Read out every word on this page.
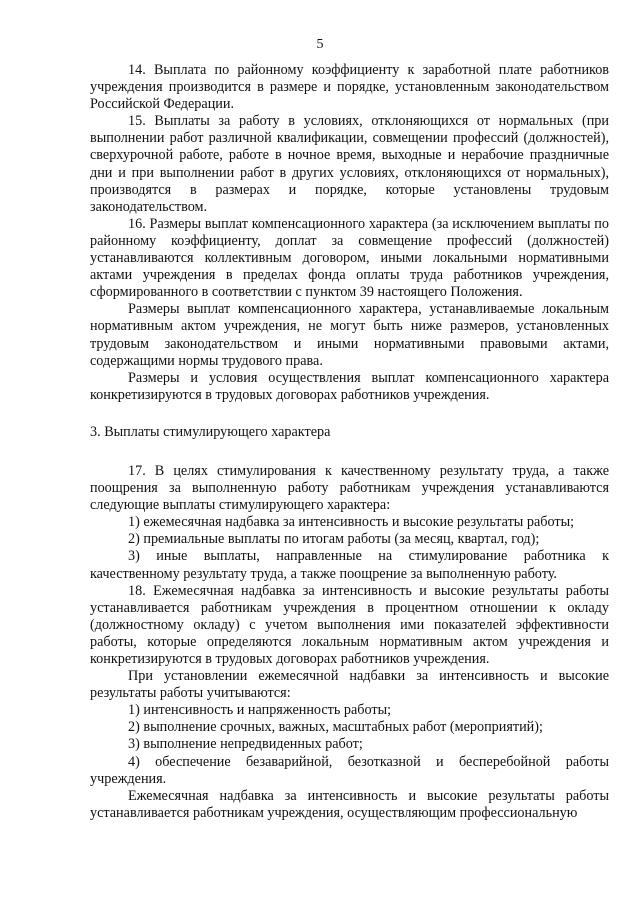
5

14. Выплата по районному коэффициенту к заработной плате работников учреждения производится в размере и порядке, установленным законодательством Российской Федерации.

15. Выплаты за работу в условиях, отклоняющихся от нормальных (при выполнении работ различной квалификации, совмещении профессий (должностей), сверхурочной работе, работе в ночное время, выходные и нерабочие праздничные дни и при выполнении работ в других условиях, отклоняющихся от нормальных), производятся в размерах и порядке, которые установлены трудовым законодательством.

16. Размеры выплат компенсационного характера (за исключением выплаты по районному коэффициенту, доплат за совмещение профессий (должностей) устанавливаются коллективным договором, иными локальными нормативными актами учреждения в пределах фонда оплаты труда работников учреждения, сформированного в соответствии с пунктом 39 настоящего Положения.

Размеры выплат компенсационного характера, устанавливаемые локальным нормативным актом учреждения, не могут быть ниже размеров, установленных трудовым законодательством и иными нормативными правовыми актами, содержащими нормы трудового права.

Размеры и условия осуществления выплат компенсационного характера конкретизируются в трудовых договорах работников учреждения.

3. Выплаты стимулирующего характера

17. В целях стимулирования к качественному результату труда, а также поощрения за выполненную работу работникам учреждения устанавливаются следующие выплаты стимулирующего характера:

1) ежемесячная надбавка за интенсивность и высокие результаты работы;

2) премиальные выплаты по итогам работы (за месяц, квартал, год);

3) иные выплаты, направленные на стимулирование работника к качественному результату труда, а также поощрение за выполненную работу.

18. Ежемесячная надбавка за интенсивность и высокие результаты работы устанавливается работникам учреждения в процентном отношении к окладу (должностному окладу) с учетом выполнения ими показателей эффективности работы, которые определяются локальным нормативным актом учреждения и конкретизируются в трудовых договорах работников учреждения.

При установлении ежемесячной надбавки за интенсивность и высокие результаты работы учитываются:

1) интенсивность и напряженность работы;

2) выполнение срочных, важных, масштабных работ (мероприятий);

3) выполнение непредвиденных работ;

4) обеспечение безаварийной, безотказной и бесперебойной работы учреждения.

Ежемесячная надбавка за интенсивность и высокие результаты работы устанавливается работникам учреждения, осуществляющим профессиональную
